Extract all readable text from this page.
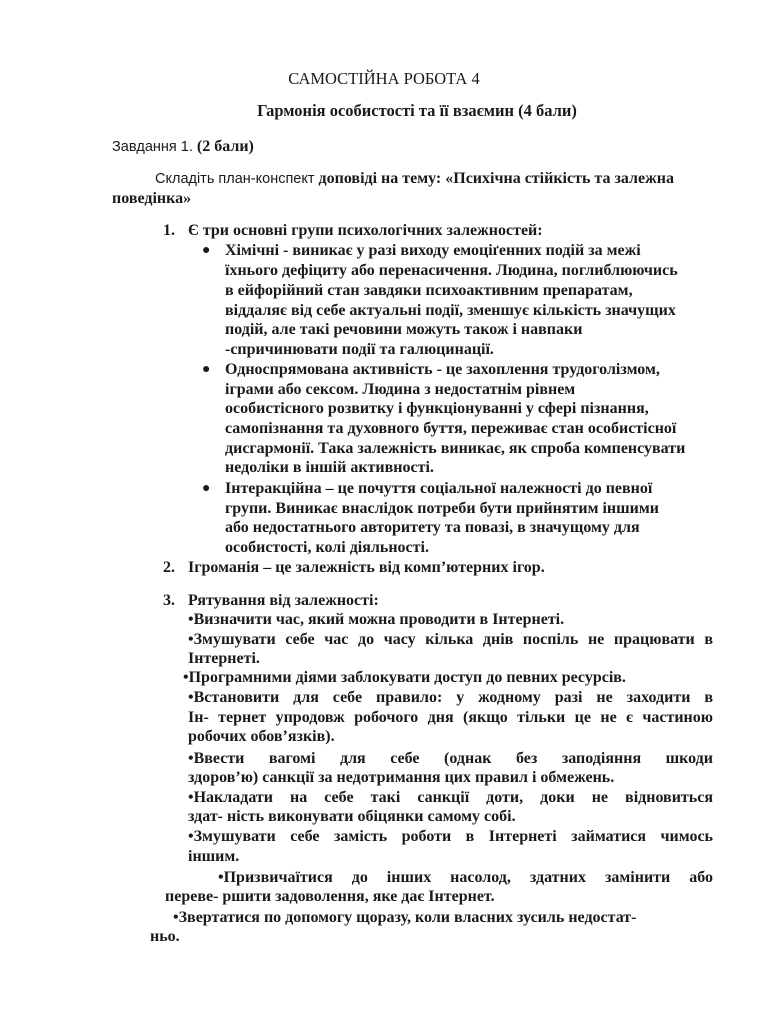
САМОСТІЙНА РОБОТА 4
Гармонія особистості та її взаємин (4 бали)
Завдання 1. (2 бали)
Складіть план-конспект доповіді на тему: «Психічна стійкість та залежна
поведінка»
1. Є три основні групи психологічних залежностей:
● Хімічні - виникає у разі виходу емоціґенних подій за межі
їхнього дефіциту або перенасичення. Людина, поглиблюючись
в ейфорійний стан завдяки психоактивним препаратам,
віддаляє від себе актуальні події, зменшує кількість значущих
подій, але такі речовини можуть також і навпаки
-спричинювати події та галюцинації.
● Односпрямована активність - це захоплення трудоголізмом,
іграми або сексом. Людина з недостатнім рівнем
особистісного розвитку і функціонуванні у сфері пізнання,
самопізнання та духовного буття, переживає стан особистісної
дисгармонії. Така залежність виникає, як спроба компенсувати
недоліки в іншій активності.
● Інтеракційна – це почуття соціальної належності до певної
групи. Виникає внаслідок потреби бути прийнятим іншими
або недостатнього авторитету та повазі, в значущому для
особистості, колі діяльності.
2. Ігроманія – це залежність від комп’ютерних ігор.
3. Рятування від залежності:
•Визначити час, який можна проводити в Інтернеті.
•Змушувати себе час до часу кілька днів поспіль не працювати в
Інтернеті.
•Програмними діями заблокувати доступ до певних ресурсів.
•Встановити для себе правило: у жодному разі не заходити в
Ін- тернет упродовж робочого дня (якщо тільки це не є частиною
робочих обов’язків).
•Ввести вагомі для себе (однак без заподіяння шкоди
здоров’ю) санкції за недотримання цих правил і обмежень.
•Накладати на себе такі санкції доти, доки не відновиться
здат- ність виконувати обіцянки самому собі.
•Змушувати себе замість роботи в Інтернеті займатися чимось
іншим.
•Призвичаїтися до інших насолод, здатних замінити або
переве- ршити задоволення, яке дає Інтернет.
•Звертатися по допомогу щоразу, коли власних зусиль недостат-
ньо.
